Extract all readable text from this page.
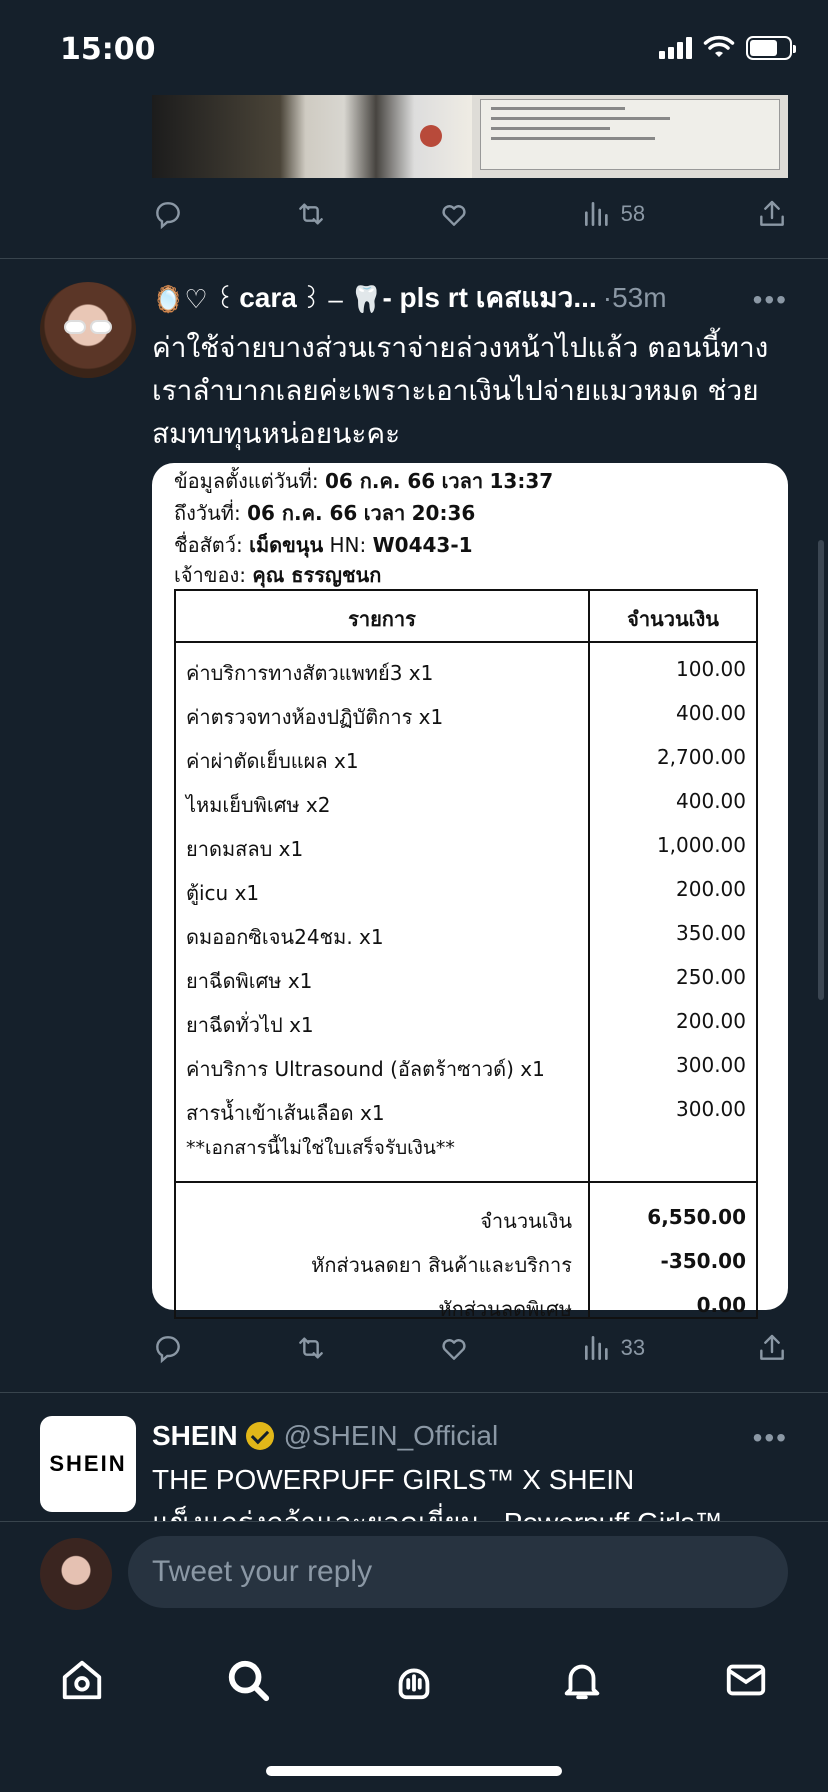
15:00
58
🪞♡ ꒰ cara ꒱ – 🦷 - pls rt เคสแมว... · 53m	•••
ค่าใช้จ่ายบางส่วนเราจ่ายล่วงหน้าไปแล้ว ตอนนี้ทางเราลำบากเลยค่ะเพราะเอาเงินไปจ่ายแมวหมด ช่วยสมทบทุนหน่อยนะคะ
ข้อมูลตั้งแต่วันที่: 06 ก.ค. 66 เวลา 13:37
ถึงวันที่: 06 ก.ค. 66 เวลา 20:36
ชื่อสัตว์: เม็ดขนุน HN: W0443-1
เจ้าของ: คุณ ธรรญชนก
รายการ	จำนวนเงิน
ค่าบริการทางสัตวแพทย์3 x1	100.00
ค่าตรวจทางห้องปฏิบัติการ x1	400.00
ค่าผ่าตัดเย็บแผล x1	2,700.00
ไหมเย็บพิเศษ x2	400.00
ยาดมสลบ x1	1,000.00
ตู้icu x1	200.00
ดมออกซิเจน24ชม. x1	350.00
ยาฉีดพิเศษ x1	250.00
ยาฉีดทั่วไป x1	200.00
ค่าบริการ Ultrasound (อัลตร้าซาวด์) x1	300.00
สารน้ำเข้าเส้นเลือด x1	300.00
**เอกสารนี้ไม่ใช่ใบเสร็จรับเงิน**
จำนวนเงิน	6,550.00
หักส่วนลดยา สินค้าและบริการ	-350.00
หักส่วนลดพิเศษ	0.00
33
SHEIN
SHEIN @SHEIN_Official	•••
THE POWERPUFF GIRLS™ X SHEIN
Tweet your reply
